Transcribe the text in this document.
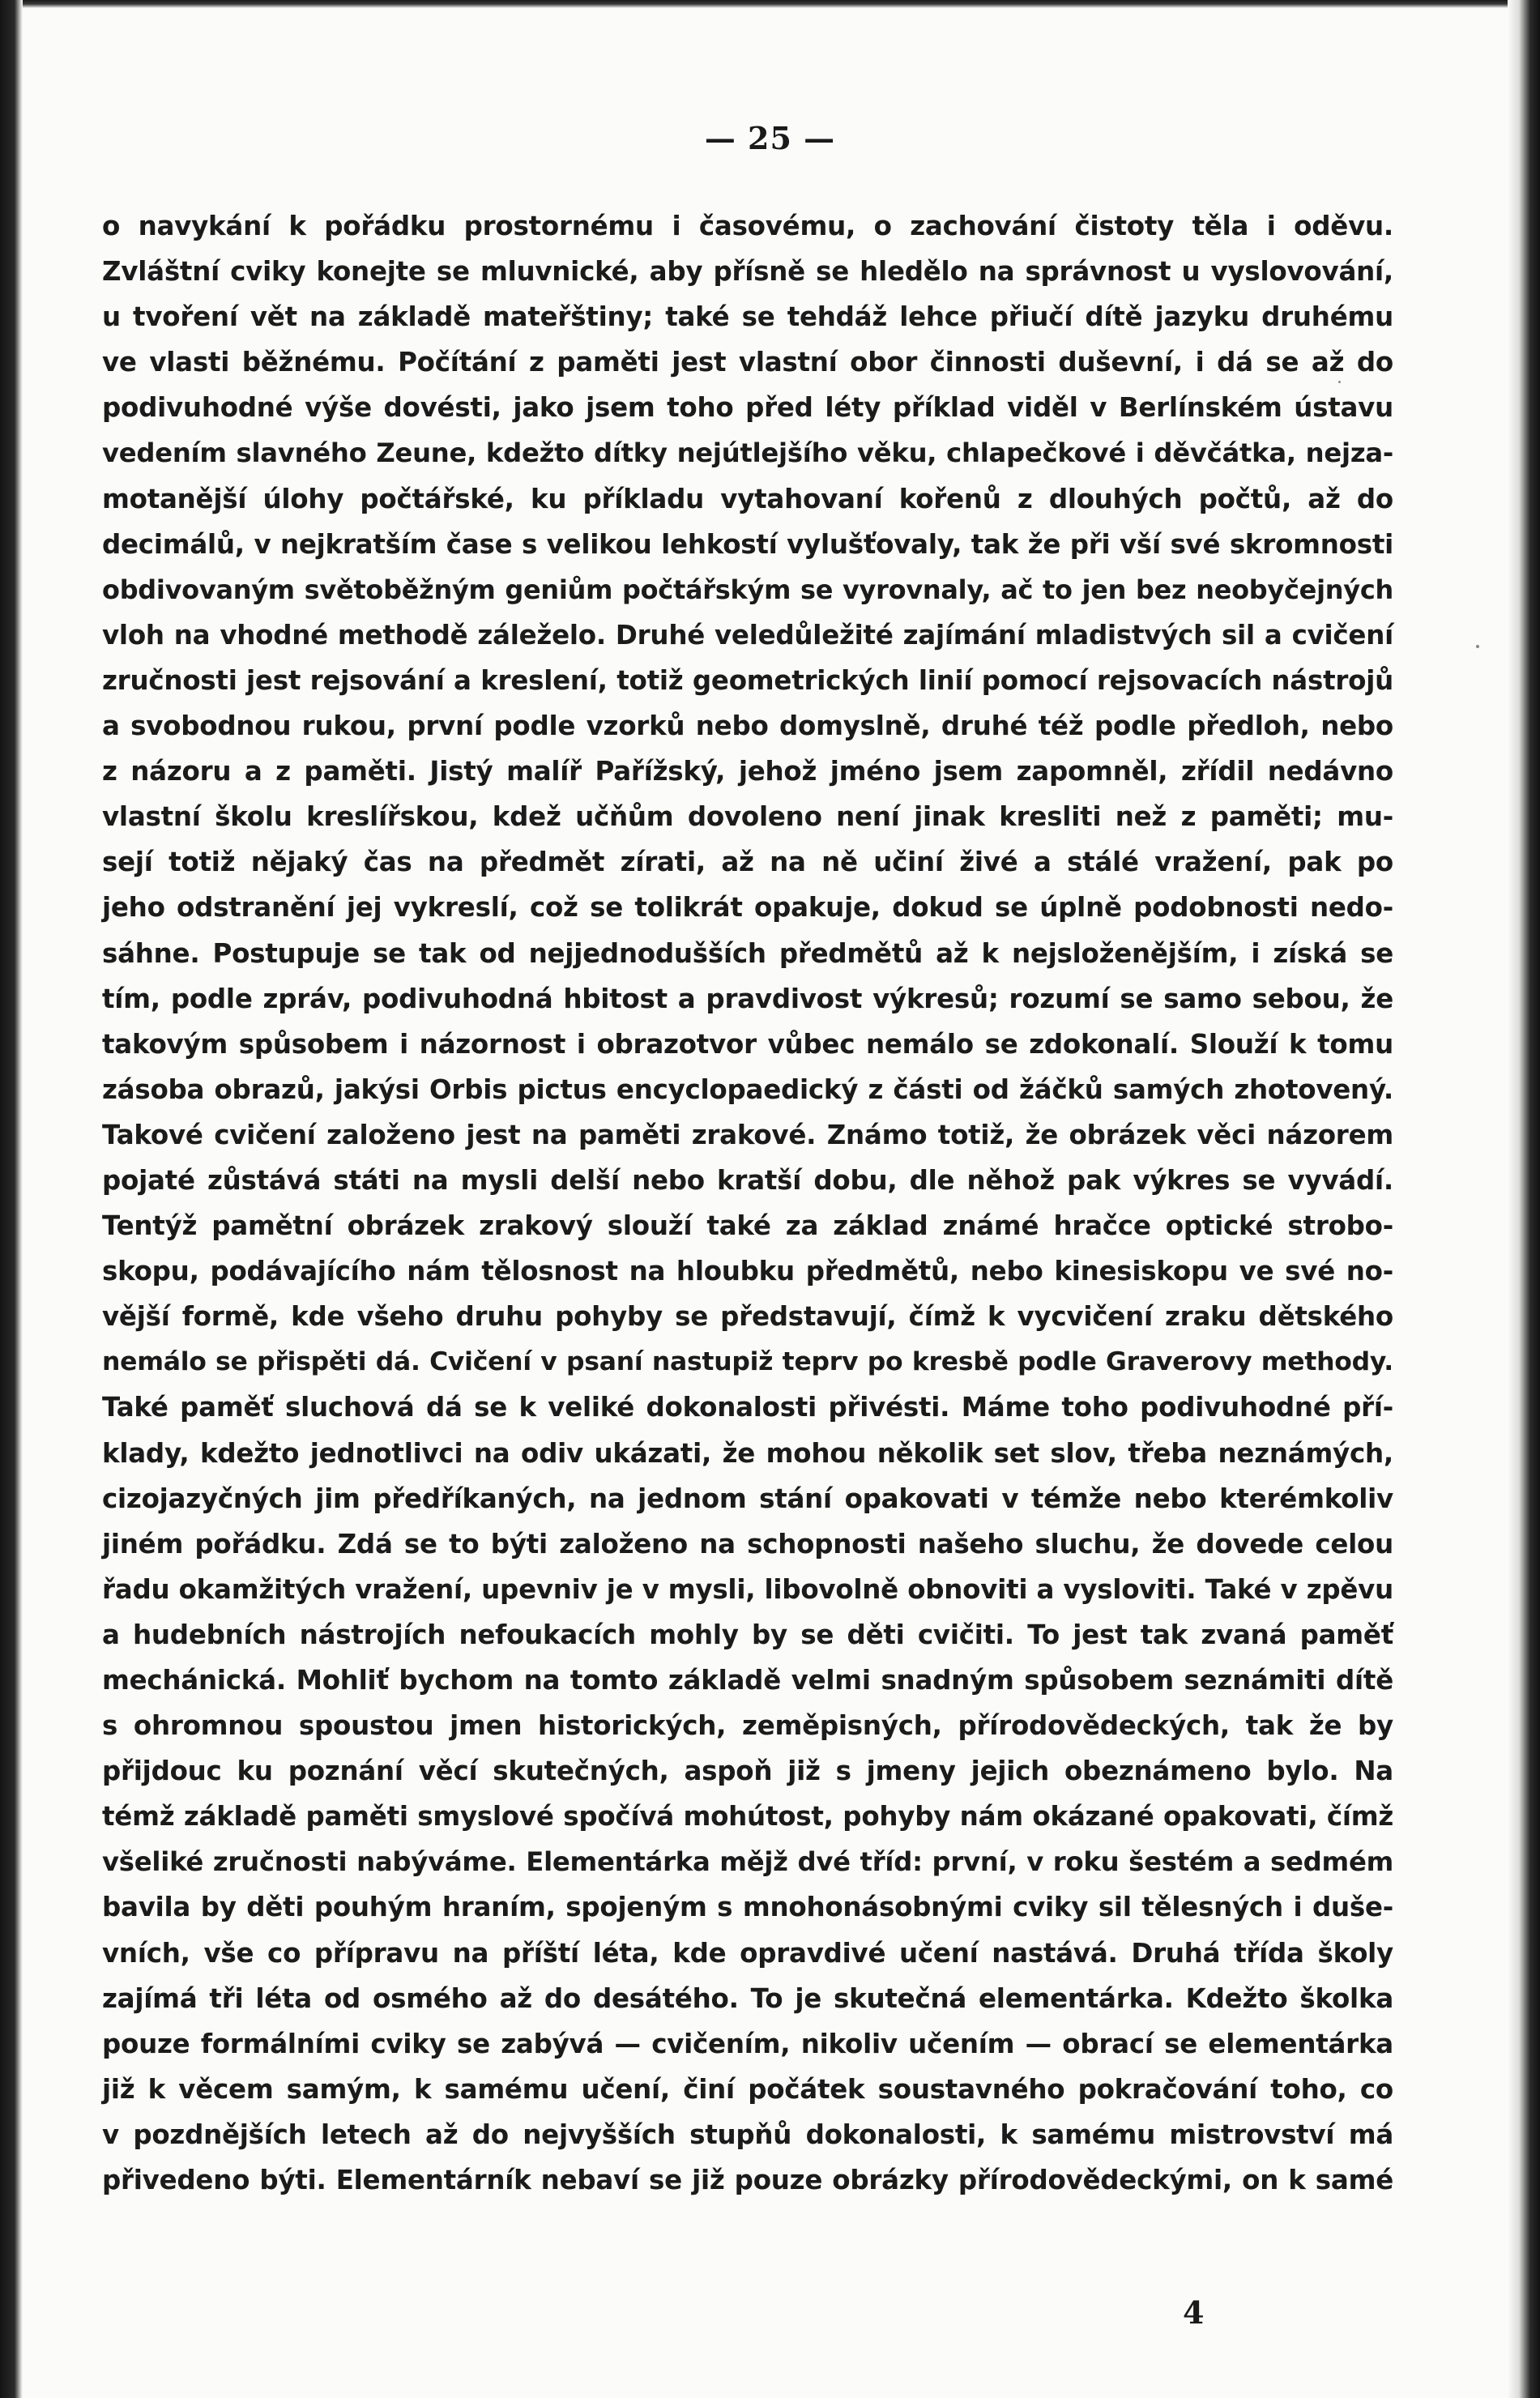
— 25 —
o navykání k pořádku prostornému i časovému, o zachování čistoty těla i oděvu.
Zvláštní cviky konejte se mluvnické, aby přísně se hledělo na správnost u vyslovování,
u tvoření vět na základě mateřštiny; také se tehdáž lehce přiučí dítě jazyku druhému
ve vlasti běžnému. Počítání z paměti jest vlastní obor činnosti duševní, i dá se až do
podivuhodné výše dovésti, jako jsem toho před léty příklad viděl v Berlínském ústavu
vedením slavného Zeune, kdežto dítky nejútlejšího věku, chlapečkové i děvčátka, nejza-
motanější úlohy počtářské, ku příkladu vytahovaní kořenů z dlouhých počtů, až do
decimálů, v nejkratším čase s velikou lehkostí vylušťovaly, tak že při vší své skromnosti
obdivovaným světoběžným geniům počtářským se vyrovnaly, ač to jen bez neobyčejných
vloh na vhodné methodě záleželo. Druhé veledůležité zajímání mladistvých sil a cvičení
zručnosti jest rejsování a kreslení, totiž geometrických linií pomocí rejsovacích nástrojů
a svobodnou rukou, první podle vzorků nebo domyslně, druhé též podle předloh, nebo
z názoru a z paměti. Jistý malíř Pařížský, jehož jméno jsem zapomněl, zřídil nedávno
vlastní školu kreslířskou, kdež učňům dovoleno není jinak kresliti než z paměti; mu-
sejí totiž nějaký čas na předmět zírati, až na ně učiní živé a stálé vražení, pak po
jeho odstranění jej vykreslí, což se tolikrát opakuje, dokud se úplně podobnosti nedo-
sáhne. Postupuje se tak od nejjednodušších předmětů až k nejsloženějším, i získá se
tím, podle zpráv, podivuhodná hbitost a pravdivost výkresů; rozumí se samo sebou, že
takovým spůsobem i názornost i obrazotvor vůbec nemálo se zdokonalí. Slouží k tomu
zásoba obrazů, jakýsi Orbis pictus encyclopaedický z části od žáčků samých zhotovený.
Takové cvičení založeno jest na paměti zrakové. Známo totiž, že obrázek věci názorem
pojaté zůstává státi na mysli delší nebo kratší dobu, dle něhož pak výkres se vyvádí.
Tentýž pamětní obrázek zrakový slouží také za základ známé hračce optické strobo-
skopu, podávajícího nám tělosnost na hloubku předmětů, nebo kinesiskopu ve své no-
vější formě, kde všeho druhu pohyby se představují, čímž k vycvičení zraku dětského
nemálo se přispěti dá. Cvičení v psaní nastupiž teprv po kresbě podle Graverovy methody.
Také paměť sluchová dá se k veliké dokonalosti přivésti. Máme toho podivuhodné pří-
klady, kdežto jednotlivci na odiv ukázati, že mohou několik set slov, třeba neznámých,
cizojazyčných jim předříkaných, na jednom stání opakovati v témže nebo kterémkoliv
jiném pořádku. Zdá se to býti založeno na schopnosti našeho sluchu, že dovede celou
řadu okamžitých vražení, upevniv je v mysli, libovolně obnoviti a vysloviti. Také v zpěvu
a hudebních nástrojích nefoukacích mohly by se děti cvičiti. To jest tak zvaná paměť
mechánická. Mohliť bychom na tomto základě velmi snadným spůsobem seznámiti dítě
s ohromnou spoustou jmen historických, zeměpisných, přírodovědeckých, tak že by
přijdouc ku poznání věcí skutečných, aspoň již s jmeny jejich obeznámeno bylo. Na
témž základě paměti smyslové spočívá mohútost, pohyby nám okázané opakovati, čímž
všeliké zručnosti nabýváme. Elementárka mějž dvé tříd: první, v roku šestém a sedmém
bavila by děti pouhým hraním, spojeným s mnohonásobnými cviky sil tělesných i duše-
vních, vše co přípravu na příští léta, kde opravdivé učení nastává. Druhá třída školy
zajímá tři léta od osmého až do desátého. To je skutečná elementárka. Kdežto školka
pouze formálními cviky se zabývá — cvičením, nikoliv učením — obrací se elementárka
již k věcem samým, k samému učení, činí počátek soustavného pokračování toho, co
v pozdnějších letech až do nejvyšších stupňů dokonalosti, k samému mistrovství má
přivedeno býti. Elementárník nebaví se již pouze obrázky přírodovědeckými, on k samé
4
